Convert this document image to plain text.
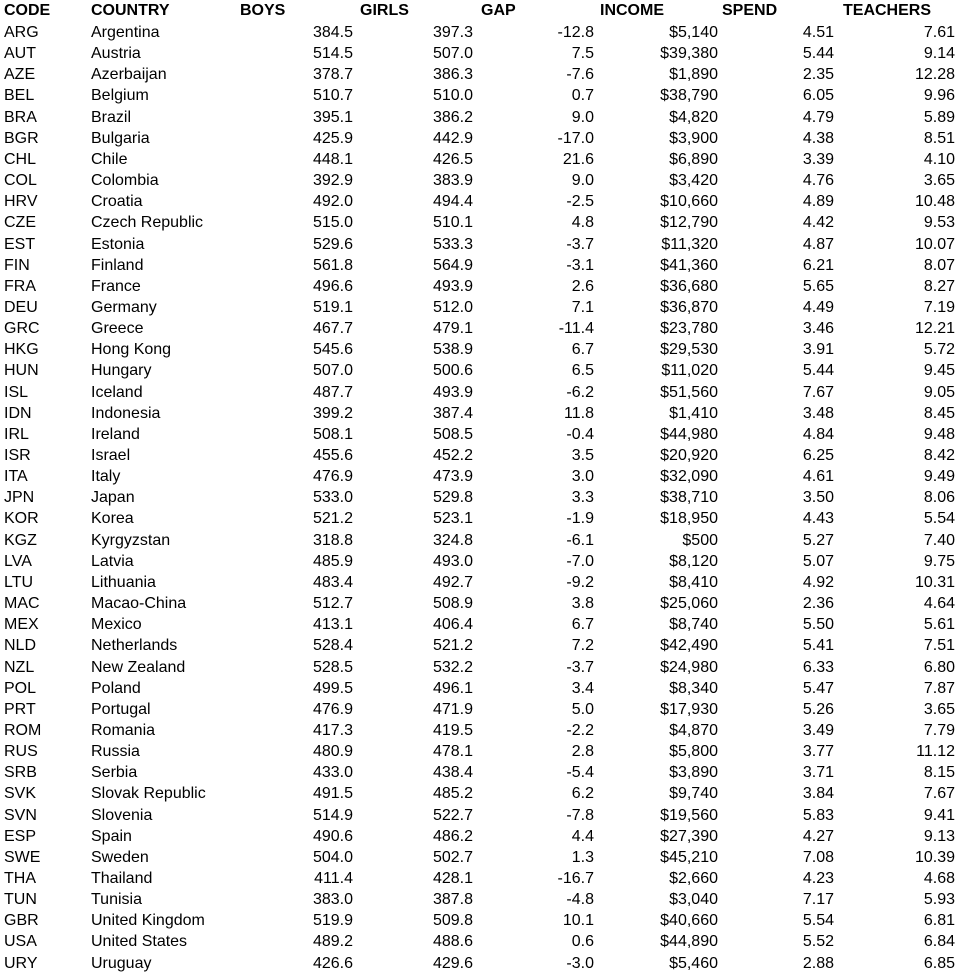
CODE	COUNTRY	BOYS	GIRLS	GAP	INCOME	SPEND	TEACHERS
ARG	Argentina	384.5	397.3	-12.8	$5,140	4.51	7.61
AUT	Austria	514.5	507.0	7.5	$39,380	5.44	9.14
AZE	Azerbaijan	378.7	386.3	-7.6	$1,890	2.35	12.28
BEL	Belgium	510.7	510.0	0.7	$38,790	6.05	9.96
BRA	Brazil	395.1	386.2	9.0	$4,820	4.79	5.89
BGR	Bulgaria	425.9	442.9	-17.0	$3,900	4.38	8.51
CHL	Chile	448.1	426.5	21.6	$6,890	3.39	4.10
COL	Colombia	392.9	383.9	9.0	$3,420	4.76	3.65
HRV	Croatia	492.0	494.4	-2.5	$10,660	4.89	10.48
CZE	Czech Republic	515.0	510.1	4.8	$12,790	4.42	9.53
EST	Estonia	529.6	533.3	-3.7	$11,320	4.87	10.07
FIN	Finland	561.8	564.9	-3.1	$41,360	6.21	8.07
FRA	France	496.6	493.9	2.6	$36,680	5.65	8.27
DEU	Germany	519.1	512.0	7.1	$36,870	4.49	7.19
GRC	Greece	467.7	479.1	-11.4	$23,780	3.46	12.21
HKG	Hong Kong	545.6	538.9	6.7	$29,530	3.91	5.72
HUN	Hungary	507.0	500.6	6.5	$11,020	5.44	9.45
ISL	Iceland	487.7	493.9	-6.2	$51,560	7.67	9.05
IDN	Indonesia	399.2	387.4	11.8	$1,410	3.48	8.45
IRL	Ireland	508.1	508.5	-0.4	$44,980	4.84	9.48
ISR	Israel	455.6	452.2	3.5	$20,920	6.25	8.42
ITA	Italy	476.9	473.9	3.0	$32,090	4.61	9.49
JPN	Japan	533.0	529.8	3.3	$38,710	3.50	8.06
KOR	Korea	521.2	523.1	-1.9	$18,950	4.43	5.54
KGZ	Kyrgyzstan	318.8	324.8	-6.1	$500	5.27	7.40
LVA	Latvia	485.9	493.0	-7.0	$8,120	5.07	9.75
LTU	Lithuania	483.4	492.7	-9.2	$8,410	4.92	10.31
MAC	Macao-China	512.7	508.9	3.8	$25,060	2.36	4.64
MEX	Mexico	413.1	406.4	6.7	$8,740	5.50	5.61
NLD	Netherlands	528.4	521.2	7.2	$42,490	5.41	7.51
NZL	New Zealand	528.5	532.2	-3.7	$24,980	6.33	6.80
POL	Poland	499.5	496.1	3.4	$8,340	5.47	7.87
PRT	Portugal	476.9	471.9	5.0	$17,930	5.26	3.65
ROM	Romania	417.3	419.5	-2.2	$4,870	3.49	7.79
RUS	Russia	480.9	478.1	2.8	$5,800	3.77	11.12
SRB	Serbia	433.0	438.4	-5.4	$3,890	3.71	8.15
SVK	Slovak Republic	491.5	485.2	6.2	$9,740	3.84	7.67
SVN	Slovenia	514.9	522.7	-7.8	$19,560	5.83	9.41
ESP	Spain	490.6	486.2	4.4	$27,390	4.27	9.13
SWE	Sweden	504.0	502.7	1.3	$45,210	7.08	10.39
THA	Thailand	411.4	428.1	-16.7	$2,660	4.23	4.68
TUN	Tunisia	383.0	387.8	-4.8	$3,040	7.17	5.93
GBR	United Kingdom	519.9	509.8	10.1	$40,660	5.54	6.81
USA	United States	489.2	488.6	0.6	$44,890	5.52	6.84
URY	Uruguay	426.6	429.6	-3.0	$5,460	2.88	6.85
